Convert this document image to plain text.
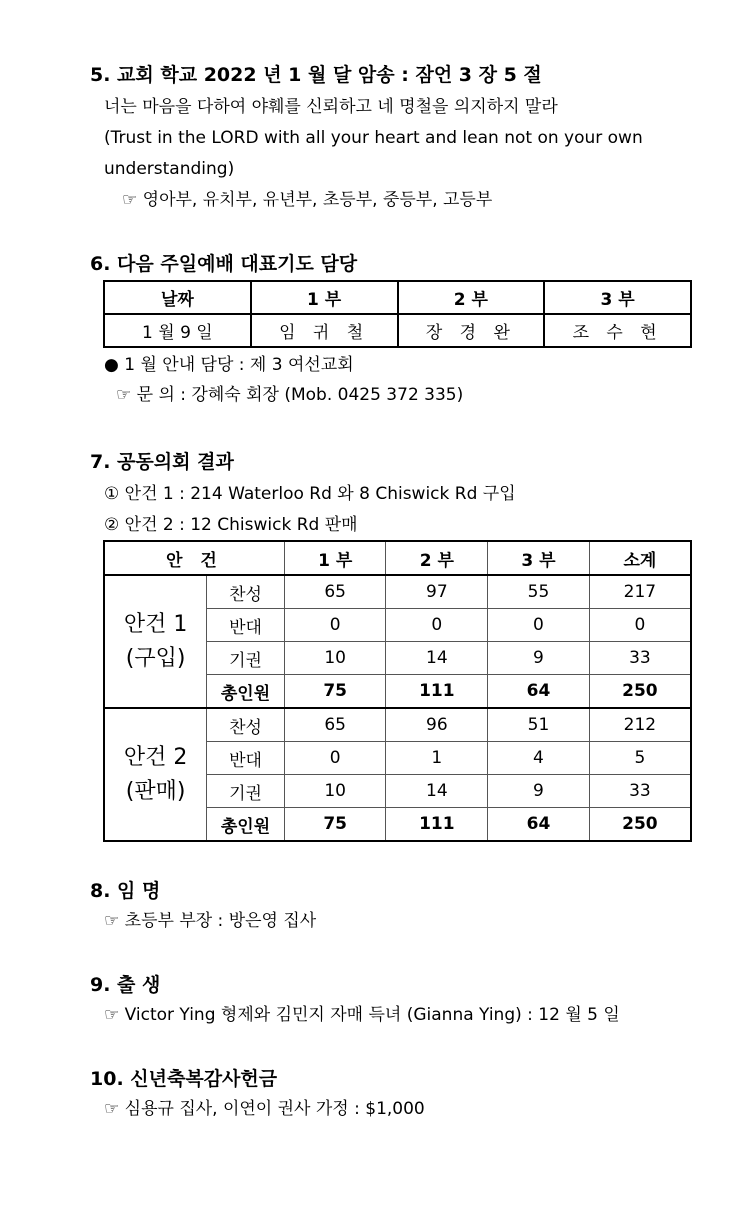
5. 교회 학교 2022 년 1 월 달 암송 : 잠언 3 장 5 절
너는 마음을 다하여 야훼를 신뢰하고 네 명철을 의지하지 말라
(Trust in the LORD with all your heart and lean not on your own understanding)
☞ 영아부, 유치부, 유년부, 초등부, 중등부, 고등부
6. 다음 주일예배 대표기도 담당
날짜	1 부	2 부	3 부
1 월 9 일	임 귀 철	장 경 완	조 수 현
● 1 월 안내 담당 : 제 3 여선교회
☞ 문 의 : 강혜숙 회장 (Mob. 0425 372 335)
7. 공동의회 결과
① 안건 1 : 214 Waterloo Rd 와 8 Chiswick Rd 구입
② 안건 2 : 12 Chiswick Rd 판매
안 건		1 부	2 부	3 부	소계

안건 1
(구입)	찬성	65	97	55	217
	반대	0	0	0	0
	기권	10	14	9	33
	총인원	75	111	64	250

안건 2
(판매)	찬성	65	96	51	212
	반대	0	1	4	5
	기권	10	14	9	33
	총인원	75	111	64	250
8. 임 명
☞ 초등부 부장 : 방은영 집사
9. 출 생
☞ Victor Ying 형제와 김민지 자매 득녀 (Gianna Ying) : 12 월 5 일
10. 신년축복감사헌금
☞ 심용규 집사, 이연이 권사 가정 : $1,000
